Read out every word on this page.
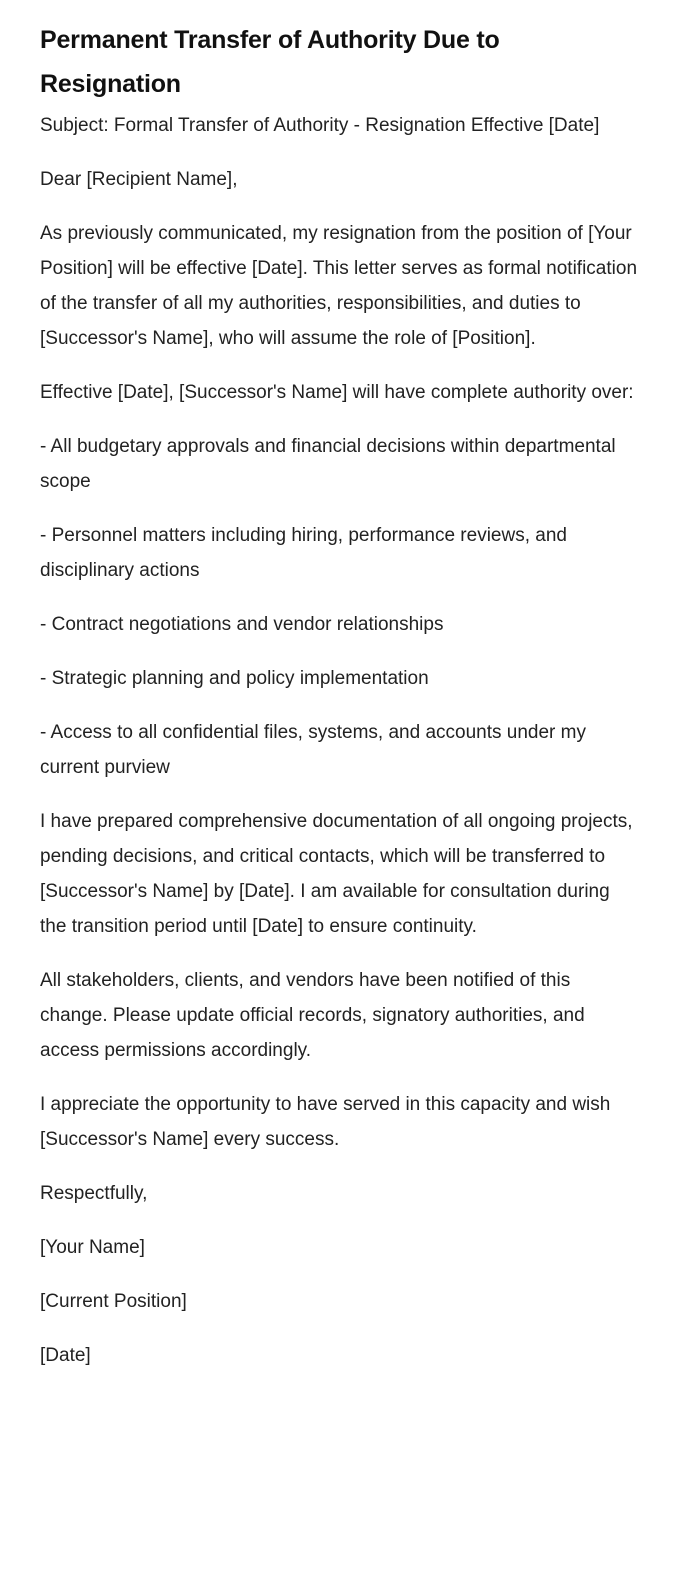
Permanent Transfer of Authority Due to Resignation

Subject: Formal Transfer of Authority - Resignation Effective [Date]

Dear [Recipient Name],

As previously communicated, my resignation from the position of [Your Position] will be effective [Date]. This letter serves as formal notification of the transfer of all my authorities, responsibilities, and duties to [Successor's Name], who will assume the role of [Position].

Effective [Date], [Successor's Name] will have complete authority over:

- All budgetary approvals and financial decisions within departmental scope

- Personnel matters including hiring, performance reviews, and disciplinary actions

- Contract negotiations and vendor relationships

- Strategic planning and policy implementation

- Access to all confidential files, systems, and accounts under my current purview

I have prepared comprehensive documentation of all ongoing projects, pending decisions, and critical contacts, which will be transferred to [Successor's Name] by [Date]. I am available for consultation during the transition period until [Date] to ensure continuity.

All stakeholders, clients, and vendors have been notified of this change. Please update official records, signatory authorities, and access permissions accordingly.

I appreciate the opportunity to have served in this capacity and wish [Successor's Name] every success.

Respectfully,

[Your Name]

[Current Position]

[Date]
